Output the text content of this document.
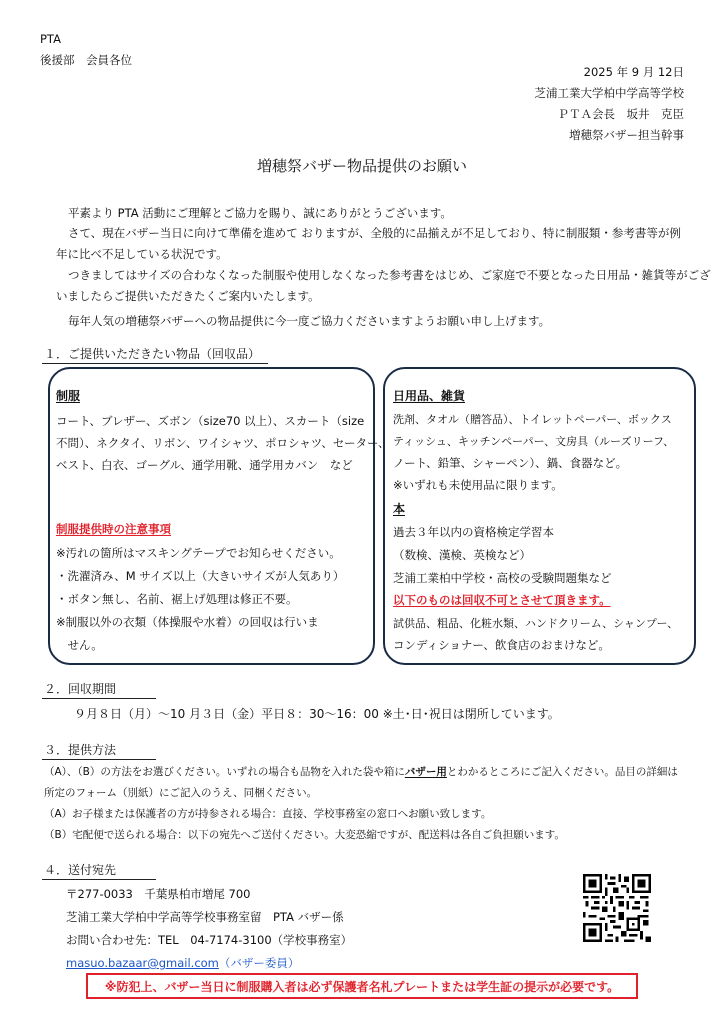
PTA
後援部　会員各位
2025 年 9 月 12日
芝浦工業大学柏中学高等学校
ＰＴＡ会長　坂井　克臣
増穂祭バザー担当幹事
増穂祭バザー物品提供のお願い
平素より PTA 活動にご理解とご協力を賜り、誠にありがとうございます。
さて、現在バザー当日に向けて準備を進めて おりますが、全般的に品揃えが不足しており、特に制服類・参考書等が例
年に比べ不足している状況です。
つきましてはサイズの合わなくなった制服や使用しなくなった参考書をはじめ、ご家庭で不要となった日用品・雑貨等がござ
いましたらご提供いただきたくご案内いたします。
毎年人気の増穂祭バザーへの物品提供に今一度ご協力くださいますようお願い申し上げます。
１．ご提供いただきたい物品（回収品）
制服
コート、ブレザー、ズボン（size70 以上）、スカート（size
不問）、ネクタイ、リボン、ワイシャツ、ポロシャツ、セーター、
ベスト、白衣、ゴーグル、通学用靴、通学用カバン　など
制服提供時の注意事項
※汚れの箇所はマスキングテープでお知らせください。
・洗濯済み、M サイズ以上（大きいサイズが人気あり）
・ボタン無し、名前、裾上げ処理は修正不要。
※制服以外の衣類（体操服や水着）の回収は行いま
　せん。
日用品、雑貨
洗剤、タオル（贈答品）、トイレットペーパー、ボックス
ティッシュ、キッチンペーパー、文房具（ルーズリーフ、
ノート、鉛筆、シャーペン）、鍋、食器など。
※いずれも未使用品に限ります。
本
過去３年以内の資格検定学習本
（数検、漢検、英検など）
芝浦工業柏中学校・高校の受験問題集など
以下のものは回収不可とさせて頂きます。
試供品、粗品、化粧水類、ハンドクリーム、シャンプー、
コンディショナー、飲食店のおまけなど。
２．回収期間
９月８日（月）～10 月３日（金）平日８：30～16：00 ※土･日･祝日は閉所しています。
３．提供方法
（A）、（B）の方法をお選びください。いずれの場合も品物を入れた袋や箱にバザー用とわかるところにご記入ください。品目の詳細は
所定のフォーム（別紙）にご記入のうえ、同梱ください。
（A）お子様または保護者の方が持参される場合：直接、学校事務室の窓口へお願い致します。
（B）宅配便で送られる場合：以下の宛先へご送付ください。大変恐縮ですが、配送料は各自ご負担願います。
４．送付宛先
〒277-0033　千葉県柏市増尾 700
芝浦工業大学柏中学高等学校事務室留　PTA バザー係
お問い合わせ先：TEL　04-7174-3100（学校事務室）
masuo.bazaar@gmail.com（バザー委員）
※防犯上、バザー当日に制服購入者は必ず保護者名札プレートまたは学生証の提示が必要です。
